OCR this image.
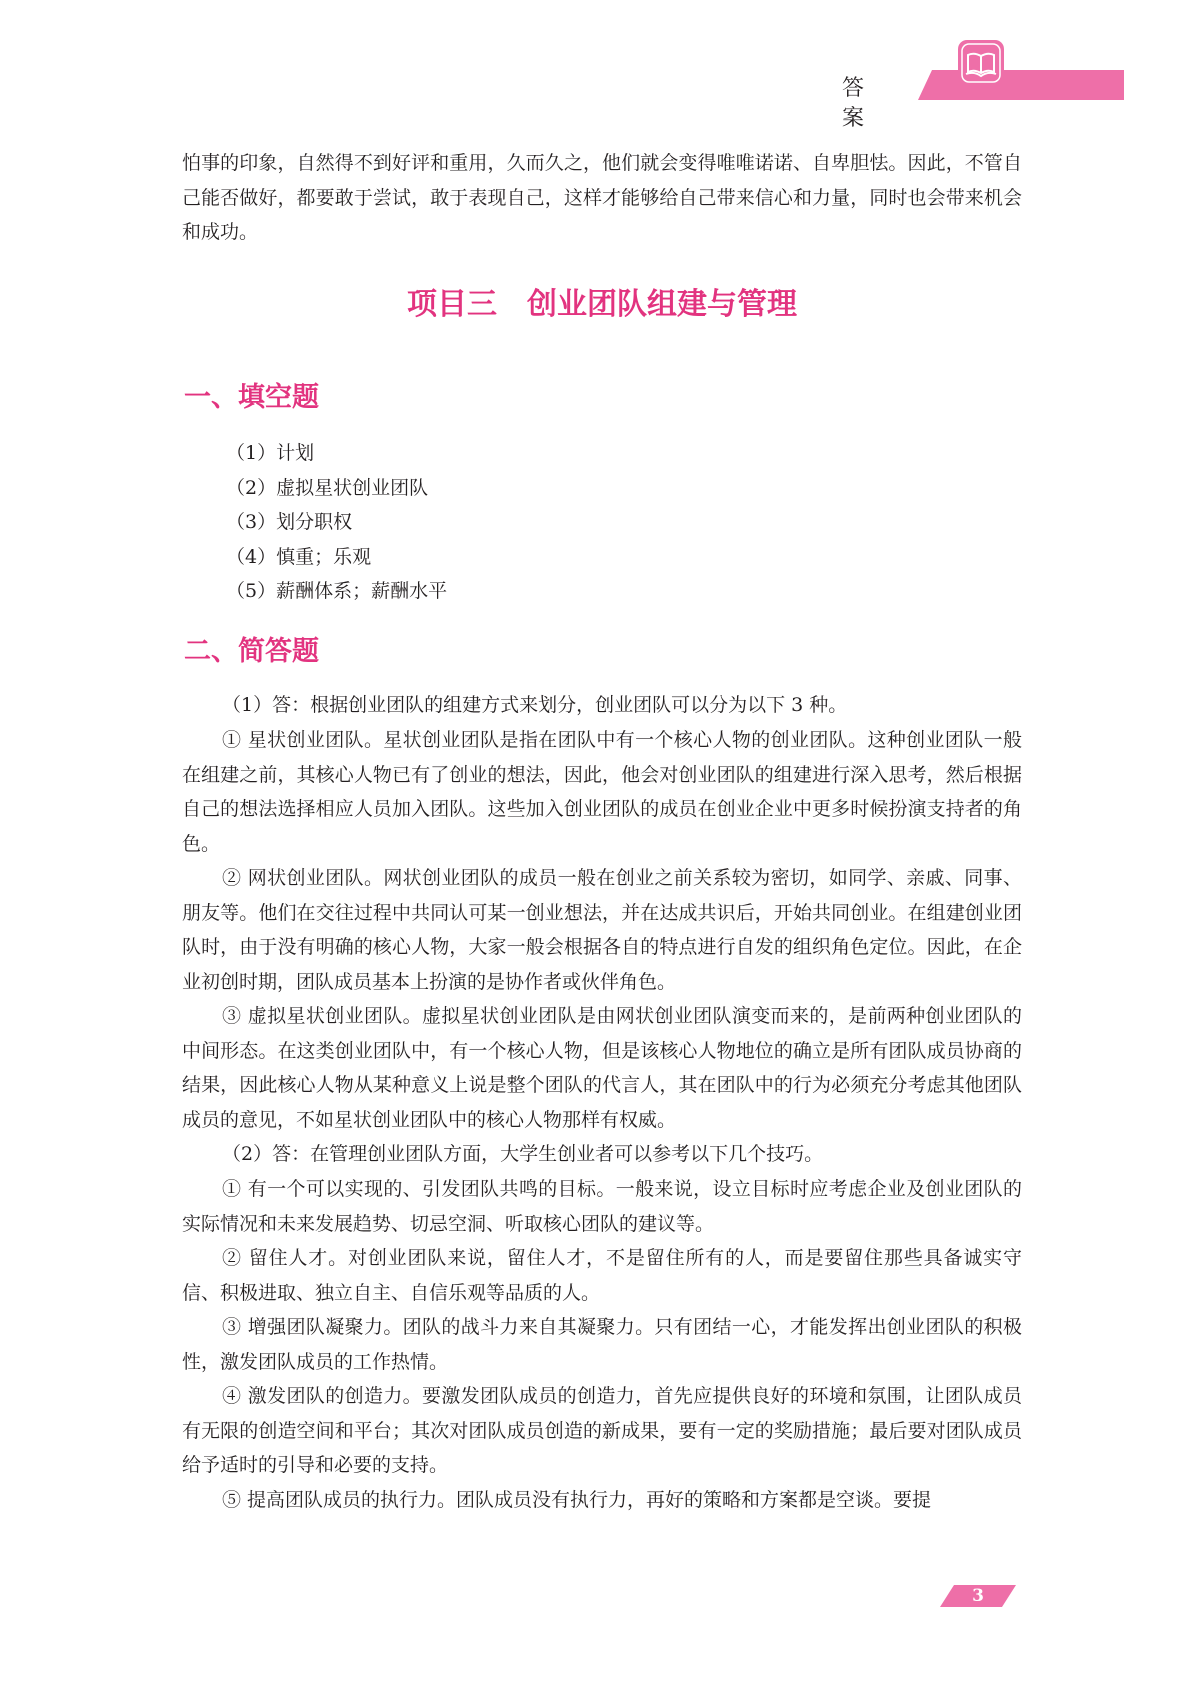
答 案

怕事的印象，自然得不到好评和重用，久而久之，他们就会变得唯唯诺诺、自卑胆怯。因此，不管自己能否做好，都要敢于尝试，敢于表现自己，这样才能够给自己带来信心和力量，同时也会带来机会和成功。

项目三　创业团队组建与管理
一、填空题
（1）计划
（2）虚拟星状创业团队
（3）划分职权
（4）慎重；乐观
（5）薪酬体系；薪酬水平
二、简答题

（1）答：根据创业团队的组建方式来划分，创业团队可以分为以下 3 种。

① 星状创业团队。星状创业团队是指在团队中有一个核心人物的创业团队。这种创业团队一般在组建之前，其核心人物已有了创业的想法，因此，他会对创业团队的组建进行深入思考，然后根据自己的想法选择相应人员加入团队。这些加入创业团队的成员在创业企业中更多时候扮演支持者的角色。

② 网状创业团队。网状创业团队的成员一般在创业之前关系较为密切，如同学、亲戚、同事、朋友等。他们在交往过程中共同认可某一创业想法，并在达成共识后，开始共同创业。在组建创业团队时，由于没有明确的核心人物，大家一般会根据各自的特点进行自发的组织角色定位。因此，在企业初创时期，团队成员基本上扮演的是协作者或伙伴角色。

③ 虚拟星状创业团队。虚拟星状创业团队是由网状创业团队演变而来的，是前两种创业团队的中间形态。在这类创业团队中，有一个核心人物，但是该核心人物地位的确立是所有团队成员协商的结果，因此核心人物从某种意义上说是整个团队的代言人，其在团队中的行为必须充分考虑其他团队成员的意见，不如星状创业团队中的核心人物那样有权威。

（2）答：在管理创业团队方面，大学生创业者可以参考以下几个技巧。

① 有一个可以实现的、引发团队共鸣的目标。一般来说，设立目标时应考虑企业及创业团队的实际情况和未来发展趋势、切忌空洞、听取核心团队的建议等。

② 留住人才。对创业团队来说，留住人才，不是留住所有的人，而是要留住那些具备诚实守信、积极进取、独立自主、自信乐观等品质的人。

③ 增强团队凝聚力。团队的战斗力来自其凝聚力。只有团结一心，才能发挥出创业团队的积极性，激发团队成员的工作热情。

④ 激发团队的创造力。要激发团队成员的创造力，首先应提供良好的环境和氛围，让团队成员有无限的创造空间和平台；其次对团队成员创造的新成果，要有一定的奖励措施；最后要对团队成员给予适时的引导和必要的支持。

⑤ 提高团队成员的执行力。团队成员没有执行力，再好的策略和方案都是空谈。要提

3
